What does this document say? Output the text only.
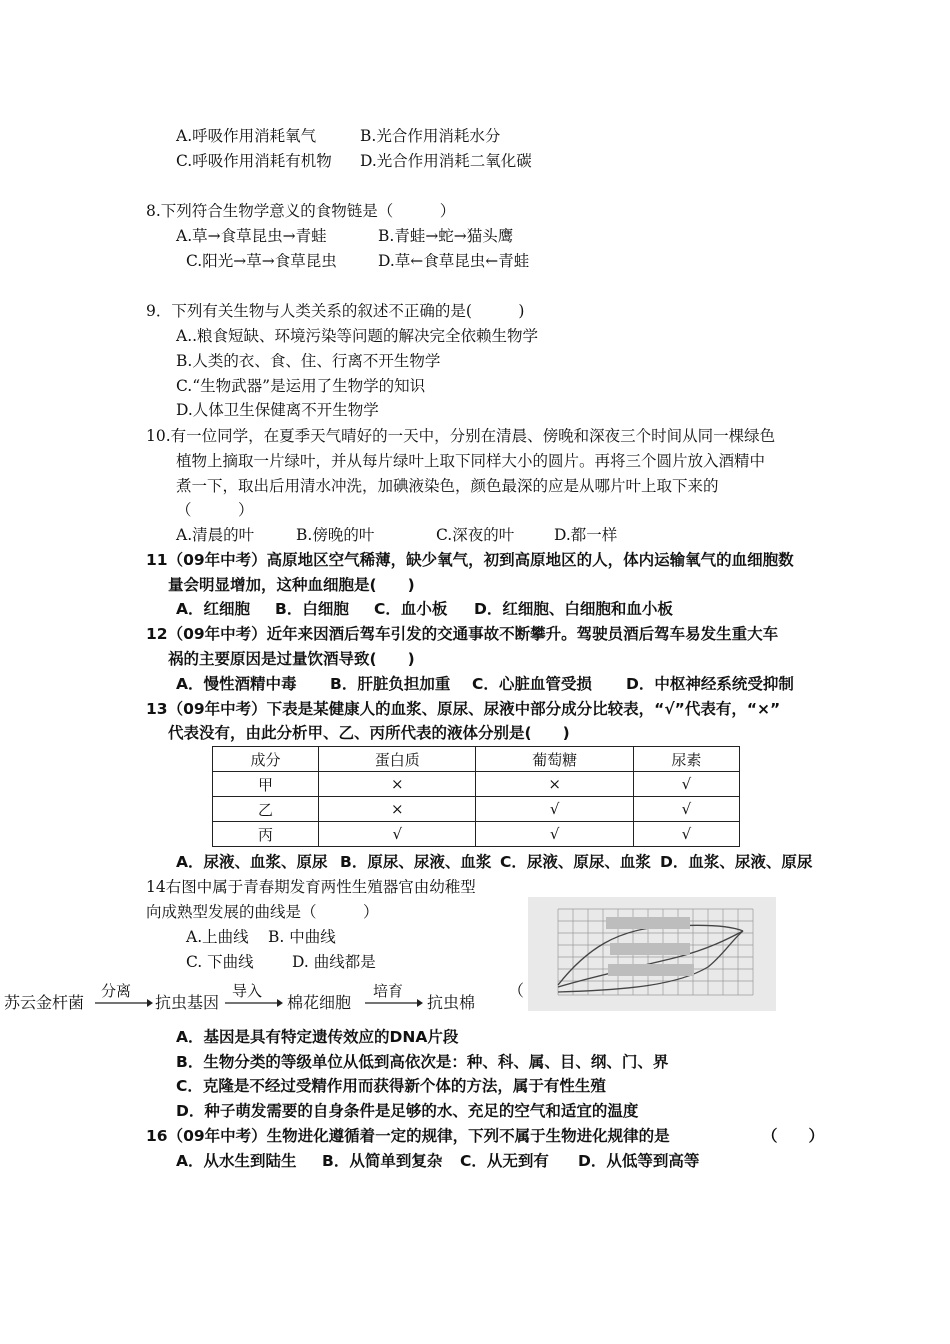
A.呼吸作用消耗氧气	B.光合作用消耗水分
C.呼吸作用消耗有机物 D.光合作用消耗二氧化碳
8.下列符合生物学意义的食物链是（　　　）
A.草→食草昆虫→青蛙	B.青蛙→蛇→猫头鹰
C.阳光→草→食草昆虫	D.草←食草昆虫←青蛙
9．下列有关生物与人类关系的叙述不正确的是(　　　)
A..粮食短缺、环境污染等问题的解决完全依赖生物学
B.人类的衣、食、住、行离不开生物学
C.“生物武器”是运用了生物学的知识
D.人体卫生保健离不开生物学
10.有一位同学，在夏季天气晴好的一天中，分别在清晨、傍晚和深夜三个时间从同一棵绿色
植物上摘取一片绿叶，并从每片绿叶上取下同样大小的圆片。再将三个圆片放入酒精中
煮一下，取出后用清水冲洗，加碘液染色，颜色最深的应是从哪片叶上取下来的
（　　　）
A.清晨的叶	B.傍晚的叶	C.深夜的叶	D.都一样
11（09年中考）高原地区空气稀薄，缺少氧气，初到高原地区的人，体内运输氧气的血细胞数
量会明显增加，这种血细胞是(　　)
A．红细胞 B．白细胞 C．血小板 D．红细胞、白细胞和血小板
12（09年中考）近年来因酒后驾车引发的交通事故不断攀升。驾驶员酒后驾车易发生重大车
祸的主要原因是过量饮酒导致(　　)
A．慢性酒精中毒 B．肝脏负担加重 C．心脏血管受损 D．中枢神经系统受抑制
13（09年中考）下表是某健康人的血浆、原尿、尿液中部分成分比较表，“√”代表有，“×”
代表没有，由此分析甲、乙、丙所代表的液体分别是(　　)
成分	蛋白质	葡萄糖	尿素
甲	×	×	√
乙	×	√	√
丙	√	√	√
A．尿液、血浆、原尿 B．原尿、尿液、血浆 C．尿液、原尿、血浆 D．血浆、尿液、原尿
14右图中属于青春期发育两性生殖器官由幼稚型
向成熟型发展的曲线是（　　　）
A.上曲线 B. 中曲线
C. 下曲线 D. 曲线都是
苏云金杆菌
分离
抗虫基因
导入
棉花细胞
培育
抗虫棉
（
A．基因是具有特定遗传效应的DNA片段
B．生物分类的等级单位从低到高依次是：种、科、属、目、纲、门、界
C．克隆是不经过受精作用而获得新个体的方法，属于有性生殖
D．种子萌发需要的自身条件是足够的水、充足的空气和适宜的温度
16（09年中考）生物进化遵循着一定的规律，下列不属于生物进化规律的是	（　　）
A．从水生到陆生 B．从简单到复杂 C．从无到有 D．从低等到高等
